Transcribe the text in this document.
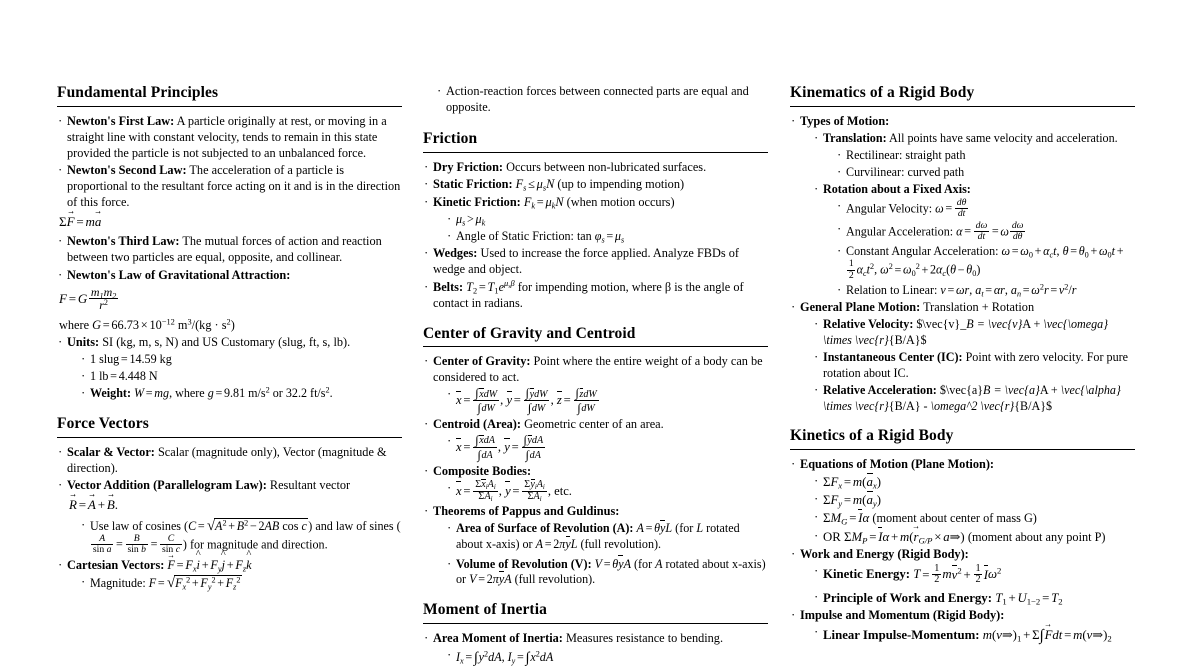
Fundamental Principles
· Newton's First Law: A particle originally at rest, or moving in a straight line with constant velocity, tends to remain in this state provided the particle is not subjected to an unbalanced force.
· Newton's Second Law: The acceleration of a particle is proportional to the resultant force acting on it and is in the direction of this force.
ΣF → = ma →
· Newton's Third Law: The mutual forces of action and reaction between two particles are equal, opposite, and collinear.
· Newton's Law of Gravitational Attraction:
F = G $\frac{m_1m_2}{r^2}$
where $G = 66.73 \times 10^{-12}$ $m^3/(kg \cdot s^2)$
· Units: SI (kg, m, s, N) and US Customary (slug, ft, s, lb).
· 1 slug = 14.59 kg
· 1 lb = 4.448 N
· Weight: W = mg, where g = 9.81 $m/s^2$ or 32.2 $ft/s^2$.
Force Vectors
· Scalar & Vector: Scalar (magnitude only), Vector (magnitude & direction).
· Vector Addition (Parallelogram Law): Resultant vector
R → = A → + B →.
· Use law of cosines (C = √ $A^2 + B^2 - 2AB$ cos c) and law of sines (
$\frac{A}{\text{sin a}} = \frac{B}{\text{sin b}} = \frac{C}{\text{sin c}}$ ) for magnitude and direction.
· Cartesian Vectors: F → = $F_xi$ ^ + $F_yj$ ^ + $F_zk$ ^
· Magnitude: F = √ $F_x^2 + F_y^2 + F_z^2$
· Action-reaction forces between connected parts are equal and opposite.
Friction
· Dry Friction: Occurs between non-lubricated surfaces.
· Static Friction: $F_s \le \mu_sN$ (up to impending motion)
· Kinetic Friction: $F_k = \mu_kN$ (when motion occurs)
· $\mu_s > \mu_k$
· Angle of Static Friction: $\tan \varphi_s = \mu_s$
· Wedges: Used to increase the force applied. Analyze FBDs of wedge and object.
· Belts: $T_2 = T_1e^{\mu_s\beta}$ for impending motion, where β is the angle of contact in radians.
Center of Gravity and Centroid
· Center of Gravity: Point where the entire weight of a body can be considered to act.
· $x = \frac{\text{∫xdW}}{\int dW}$ , $y = \frac{\text{∫ydW}}{\int dW}$ , $z = \frac{\text{∫zdW}}{\int dW}$
· Centroid (Area): Geometric center of an area.
· $x = \frac{\text{∫xdA}}{\int dA}$ , $y = \frac{\text{∫ydA}}{\int dA}$
· Composite Bodies:
· $x = \frac{\Sigma x_iA_i}{\Sigma A_i}$ , $y = \frac{\Sigma y_iA_i}{\Sigma A_i}$ , etc.
· Theorems of Pappus and Guldinus:
· Area of Surface of Revolution (A): A = θyL (for L rotated about x-axis) or A = 2πyL (full revolution).
· Volume of Revolution (V): V = θyA (for A rotated about x-axis) or V = 2πyA (full revolution).
Moment of Inertia
· Area Moment of Inertia: Measures resistance to bending.
· $I_x = \int y^2dA$, $I_y = \int x^2dA$
Kinematics of a Rigid Body
· Types of Motion:
· Translation: All points have same velocity and acceleration.
· Rectilinear: straight path
· Curvilinear: curved path
· Rotation about a Fixed Axis:
· Angular Velocity: $\omega = \frac{d\theta}{dt}$
· Angular Acceleration: $\alpha = \frac{d\omega}{dt} = \omega \frac{d\omega}{d\theta}$
· Constant Angular Acceleration: $\omega = \omega_0 + \alpha_ct$, $\theta = \theta_0 + \omega_0t$ +
$\frac{1}{2} \alpha_ct^2$, $\omega^2 = \omega_0^2 + 2\alpha_c(\theta - \theta_0)$
· Relation to Linear: v = ωr, $a_t = \alpha r$, $a_n = \omega^2r = v^2/r$
· General Plane Motion: Translation + Rotation
· Relative Velocity: $\vec{v}_B = \vec{v}A + \vec{\omega} \times \vec{r}{B/A}$
· Instantaneous Center (IC): Point with zero velocity. For pure rotation about IC.
· Relative Acceleration: $\vec{a}B = \vec{a}A + \vec{\alpha} \times \vec{r}{B/A} - \omega^2 \vec{r}{B/A}$
Kinetics of a Rigid Body
· Equations of Motion (Plane Motion):
· $\Sigma F_x = m(a_x)$
· $\Sigma F_y = m(a_y)$
· $\Sigma M_G = I\alpha$ (moment about center of mass G)
· OR $\Sigma M_P = I\alpha + m(r \to_{G/P} \times a$ ⇒ ) (moment about any point P)
· Work and Energy (Rigid Body):
· Kinetic Energy: $T = \frac{1}{2} mv^2 + \frac{1}{2} I\omega^2$
· Principle of Work and Energy: $T_1 + U_{1-2} = T_2$
· Impulse and Momentum (Rigid Body):
· Linear Impulse-Momentum: m(v ⇒ )$_1 + \Sigma\int F \to dt = m(v$ ⇒ )$_2$
